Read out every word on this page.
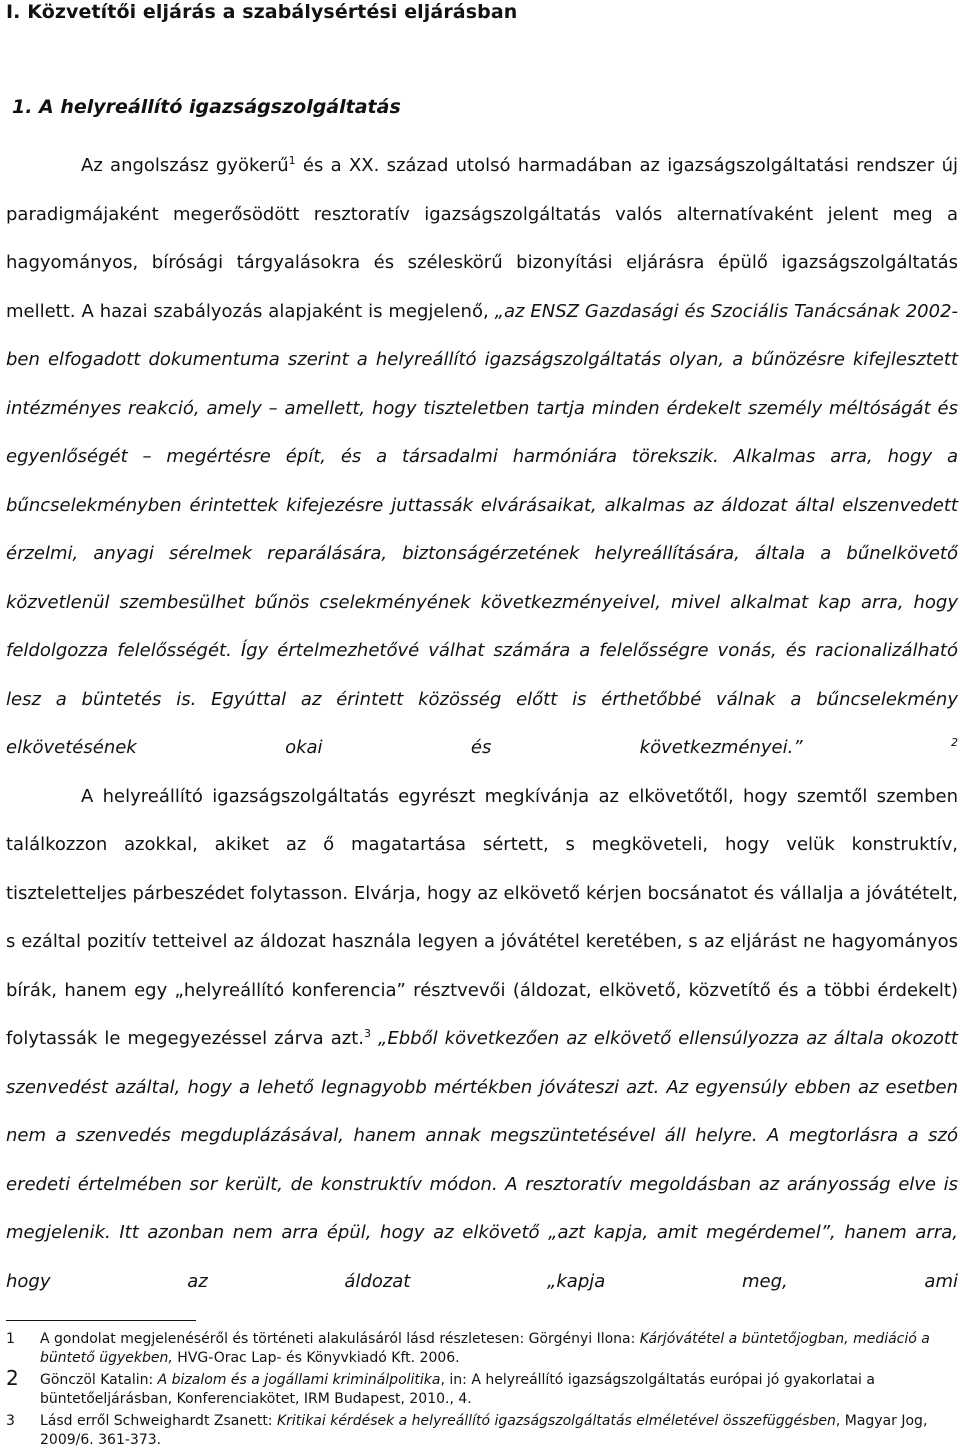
I. Közvetítői eljárás a szabálysértési eljárásban
1. A helyreállító igazságszolgáltatás

Az angolszász gyökerű$^1$ és a XX. század utolsó harmadában az igazságszolgáltatási rendszer új paradigmájaként megerősödött resztoratív igazságszolgáltatás valós alternatívaként jelent meg a hagyományos, bírósági tárgyalásokra és széleskörű bizonyítási eljárásra épülő igazságszolgáltatás mellett. A hazai szabályozás alapjaként is megjelenő, „az ENSZ Gazdasági és Szociális Tanácsának 2002-ben elfogadott dokumentuma szerint a helyreállító igazságszolgáltatás olyan, a bűnözésre kifejlesztett intézményes reakció, amely – amellett, hogy tiszteletben tartja minden érdekelt személy méltóságát és egyenlőségét – megértésre épít, és a társadalmi harmóniára törekszik. Alkalmas arra, hogy a bűncselekményben érintettek kifejezésre juttassák elvárásaikat, alkalmas az áldozat által elszenvedett érzelmi, anyagi sérelmek reparálására, biztonságérzetének helyreállítására, általa a bűnelkövető közvetlenül szembesülhet bűnös cselekményének következményeivel, mivel alkalmat kap arra, hogy feldolgozza felelősségét. Így értelmezhetővé válhat számára a felelősségre vonás, és racionalizálható lesz a büntetés is. Egyúttal az érintett közösség előtt is érthetőbbé válnak a bűncselekmény elkövetésének okai és következményei.”	$^2$

A helyreállító igazságszolgáltatás egyrészt megkívánja az elkövetőtől, hogy szemtől szemben találkozzon azokkal, akiket az ő magatartása sértett, s megköveteli, hogy velük konstruktív, tiszteletteljes párbeszédet folytasson. Elvárja, hogy az elkövető kérjen bocsánatot és vállalja a jóvátételt, s ezáltal pozitív tetteivel az áldozat használa legyen a jóvátétel keretében, s az eljárást ne hagyományos bírák, hanem egy „helyreállító konferencia” résztvevői (áldozat, elkövető, közvetítő és a többi érdekelt) folytassák le megegyezéssel zárva azt.$^3$ „Ebből következően az elkövető ellensúlyozza az általa okozott szenvedést azáltal, hogy a lehető legnagyobb mértékben jóváteszi azt. Az egyensúly ebben az esetben nem a szenvedés megduplázásával, hanem annak megszüntetésével áll helyre. A megtorlásra a szó eredeti értelmében sor került, de konstruktív módon. A resztoratív megoldásban az arányosság elve is megjelenik. Itt azonban nem arra épül, hogy az elkövető „azt kapja, amit megérdemel”, hanem arra, hogy az áldozat „kapja meg, ami

1 A gondolat megjelenéséről és történeti alakulásáról lásd részletesen: Görgényi Ilona: Kárjóvátétel a büntetőjogban, mediáció a büntető ügyekben, HVG-Orac Lap- és Könyvkiadó Kft. 2006.
2 Gönczöl Katalin: A bizalom és a jogállami kriminálpolitika, in: A helyreállító igazságszolgáltatás európai jó gyakorlatai a büntetőeljárásban, Konferenciakötet, IRM Budapest, 2010., 4.
3 Lásd erről Schweighardt Zsanett: Kritikai kérdések a helyreállító igazságszolgáltatás elméletével összefüggésben, Magyar Jog, 2009/6. 361-373.
